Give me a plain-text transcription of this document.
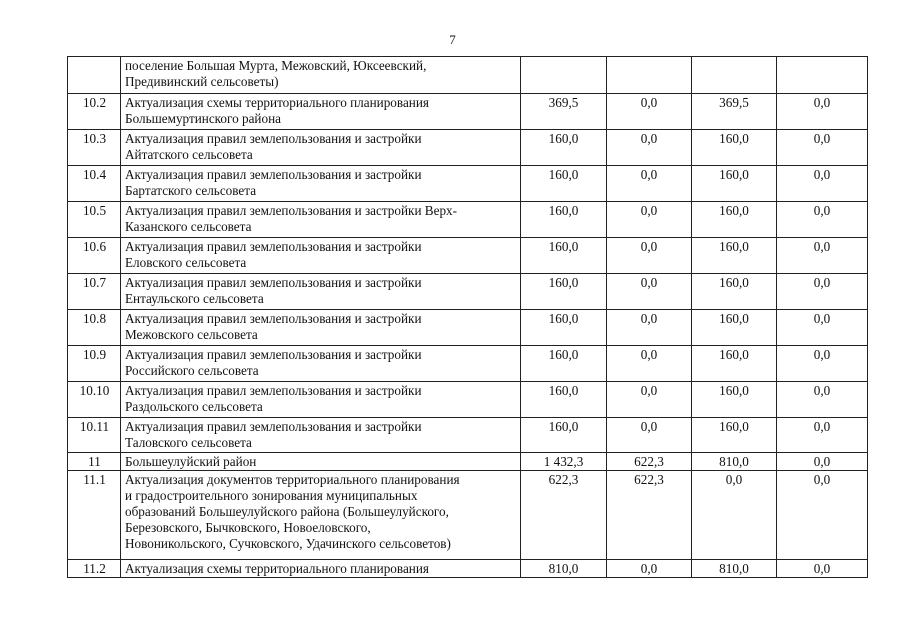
7

	поселение Большая Мурта, Межовский, Юксеевский,
Предивинский сельсоветы)				

10.2	Актуализация схемы территориального планирования
Большемуртинского района	369,5	0,0	369,5	0,0
10.3	Актуализация правил землепользования и застройки
Айтатского сельсовета	160,0	0,0	160,0	0,0
10.4	Актуализация правил землепользования и застройки
Бартатского сельсовета	160,0	0,0	160,0	0,0
10.5	Актуализация правил землепользования и застройки Верх-
Казанского сельсовета	160,0	0,0	160,0	0,0
10.6	Актуализация правил землепользования и застройки
Еловского сельсовета	160,0	0,0	160,0	0,0
10.7	Актуализация правил землепользования и застройки
Ентаульского сельсовета	160,0	0,0	160,0	0,0
10.8	Актуализация правил землепользования и застройки
Межовского сельсовета	160,0	0,0	160,0	0,0
10.9	Актуализация правил землепользования и застройки
Российского сельсовета	160,0	0,0	160,0	0,0
10.10	Актуализация правил землепользования и застройки
Раздольского сельсовета	160,0	0,0	160,0	0,0
10.11	Актуализация правил землепользования и застройки
Таловского сельсовета	160,0	0,0	160,0	0,0
11	Большеулуйский район	1 432,3	622,3	810,0	0,0
11.1	Актуализация документов территориального планирования
и градостроительного зонирования муниципальных
образований Большеулуйского района (Большеулуйского,
Березовского, Бычковского, Новоеловского,
Новоникольского, Сучковского, Удачинского сельсоветов)	622,3	622,3	0,0	0,0
11.2	Актуализация схемы территориального планирования	810,0	0,0	810,0	0,0
